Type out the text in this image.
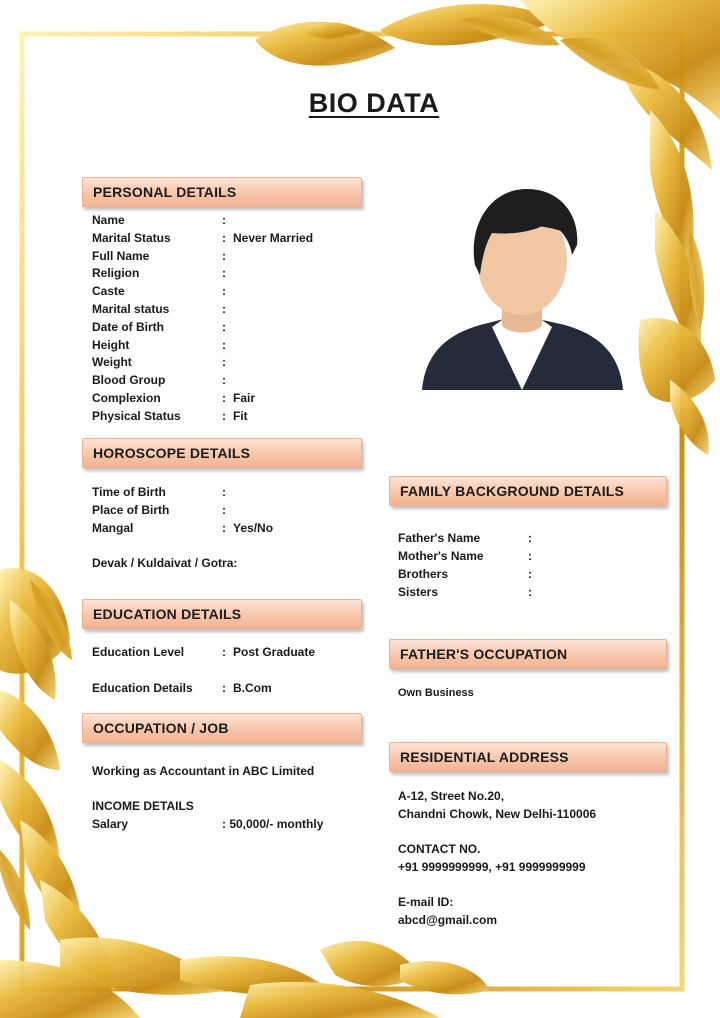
BIO DATA
PERSONAL DETAILS
Name	:
Marital Status	: Never Married
Full Name	:
Religion	:
Caste	:
Marital status	:
Date of Birth	:
Height	:
Weight	:
Blood Group	:
Complexion	: Fair
Physical Status	: Fit
HOROSCOPE DETAILS
Time of Birth	:
Place of Birth	:
Mangal	: Yes/No
Devak / Kuldaivat / Gotra:
EDUCATION DETAILS
Education Level	: Post Graduate
Education Details : B.Com
OCCUPATION / JOB
Working as Accountant in ABC Limited
INCOME DETAILS
Salary	: 50,000/- monthly
FAMILY BACKGROUND DETAILS
Father's Name	:
Mother's Name	:
Brothers	:
Sisters	:
FATHER'S OCCUPATION
Own Business
RESIDENTIAL ADDRESS
A-12, Street No.20,
Chandni Chowk, New Delhi-110006
CONTACT NO.
+91 9999999999, +91 9999999999
E-mail ID:
abcd@gmail.com
